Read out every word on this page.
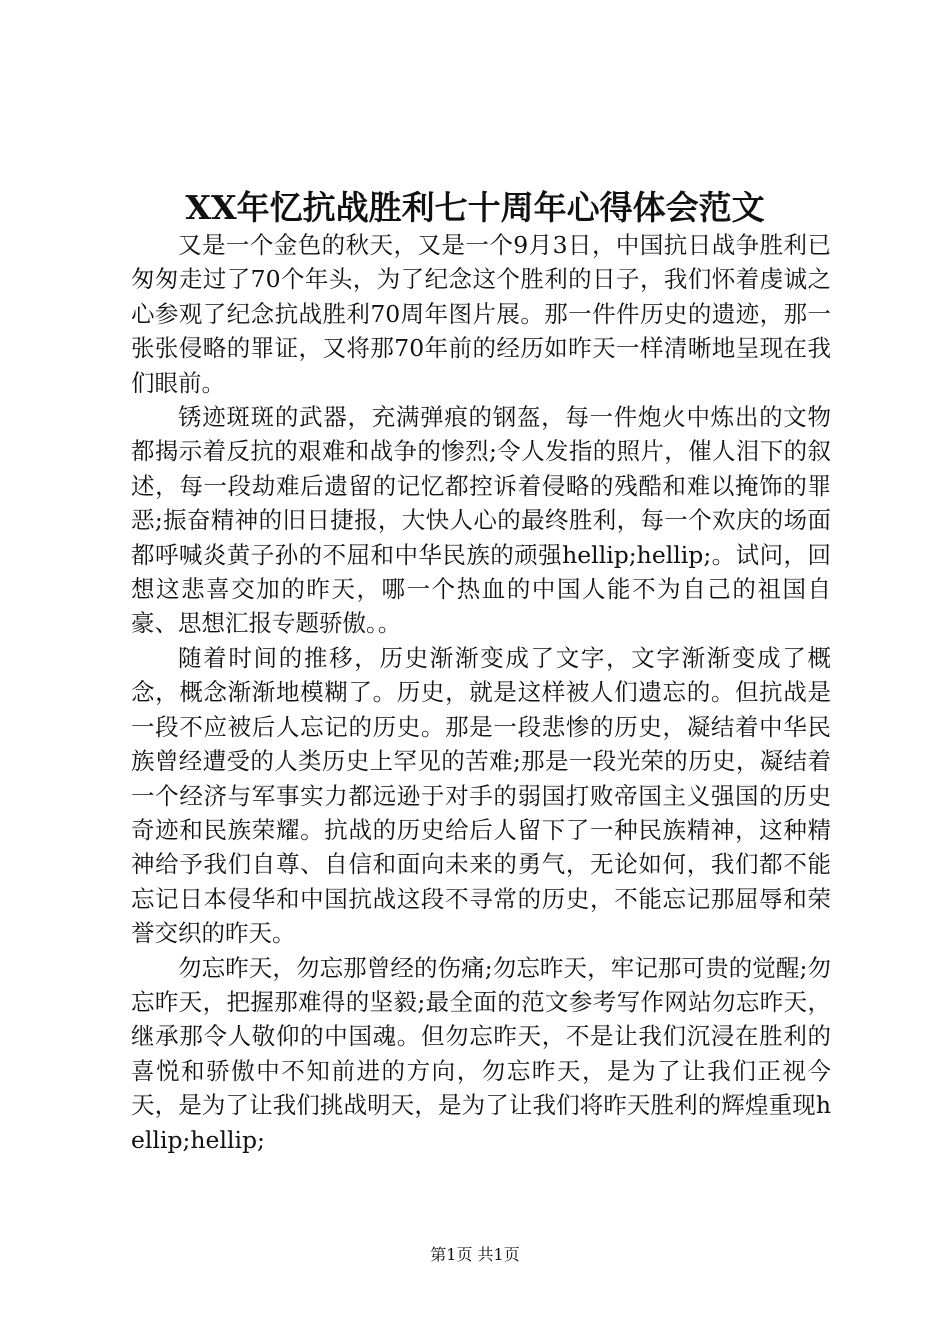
XX年忆抗战胜利七十周年心得体会范文

又是一个金色的秋天，又是一个9月3日，中国抗日战争胜利已匆匆走过了70个年头，为了纪念这个胜利的日子，我们怀着虔诚之心参观了纪念抗战胜利70周年图片展。那一件件历史的遗迹，那一张张侵略的罪证，又将那70年前的经历如昨天一样清晰地呈现在我们眼前。

锈迹斑斑的武器，充满弹痕的钢盔，每一件炮火中炼出的文物都揭示着反抗的艰难和战争的惨烈;令人发指的照片，催人泪下的叙述，每一段劫难后遗留的记忆都控诉着侵略的残酷和难以掩饰的罪恶;振奋精神的旧日捷报，大快人心的最终胜利，每一个欢庆的场面都呼喊炎黄子孙的不屈和中华民族的顽强hellip;hellip;。试问，回想这悲喜交加的昨天，哪一个热血的中国人能不为自己的祖国自豪、思想汇报专题骄傲。。

随着时间的推移，历史渐渐变成了文字，文字渐渐变成了概念，概念渐渐地模糊了。历史，就是这样被人们遗忘的。但抗战是一段不应被后人忘记的历史。那是一段悲惨的历史，凝结着中华民族曾经遭受的人类历史上罕见的苦难;那是一段光荣的历史，凝结着一个经济与军事实力都远逊于对手的弱国打败帝国主义强国的历史奇迹和民族荣耀。抗战的历史给后人留下了一种民族精神，这种精神给予我们自尊、自信和面向未来的勇气，无论如何，我们都不能忘记日本侵华和中国抗战这段不寻常的历史，不能忘记那屈辱和荣誉交织的昨天。

勿忘昨天，勿忘那曾经的伤痛;勿忘昨天，牢记那可贵的觉醒;勿忘昨天，把握那难得的坚毅;最全面的范文参考写作网站勿忘昨天，继承那令人敬仰的中国魂。但勿忘昨天，不是让我们沉浸在胜利的喜悦和骄傲中不知前进的方向，勿忘昨天，是为了让我们正视今天，是为了让我们挑战明天，是为了让我们将昨天胜利的辉煌重现hellip;hellip;

第1页 共1页
